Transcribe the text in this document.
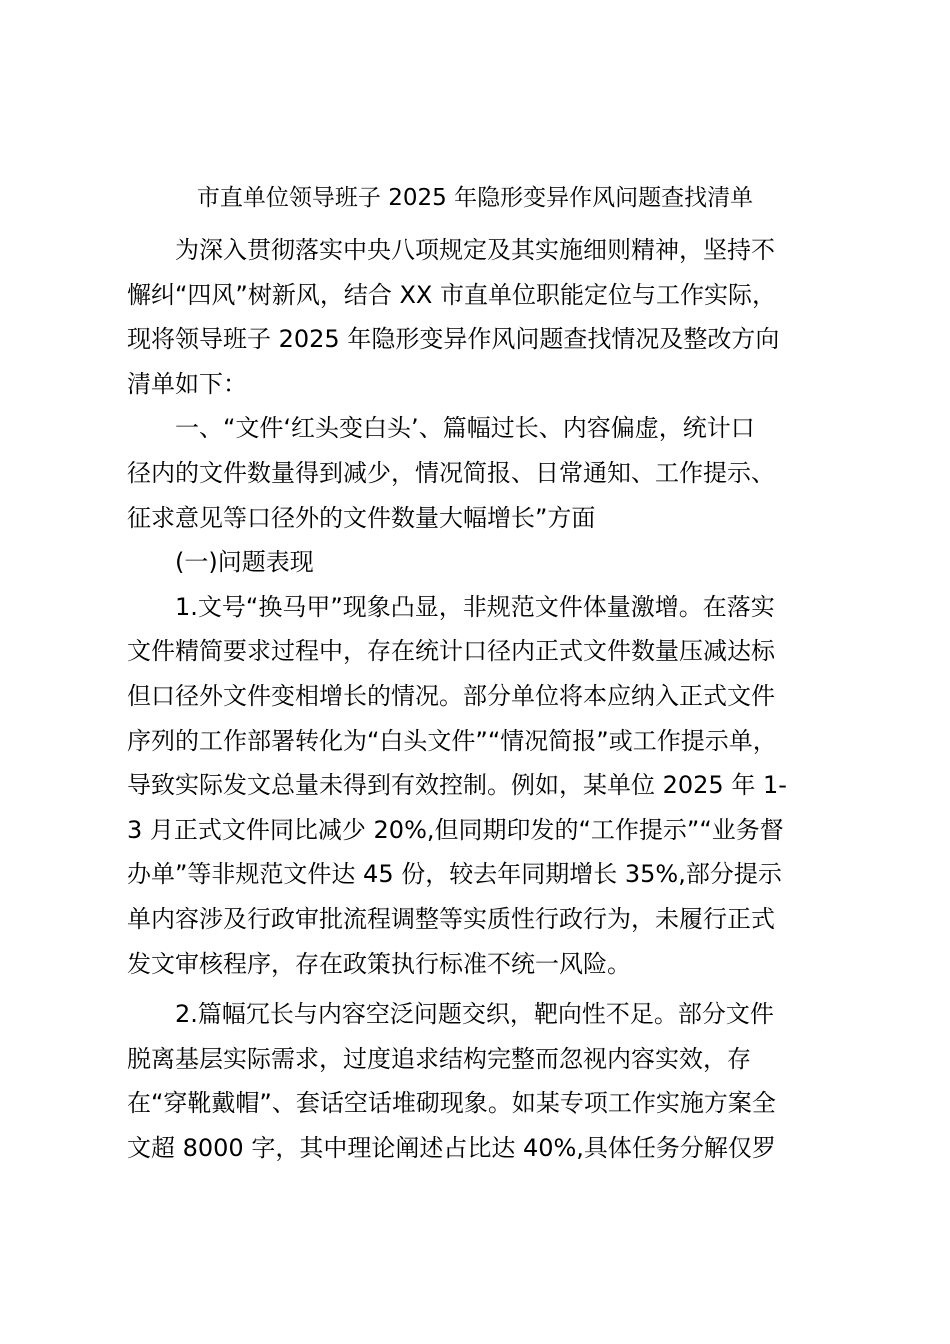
市直单位领导班子 2025 年隐形变异作风问题查找清单
为深入贯彻落实中央八项规定及其实施细则精神，坚持不
懈纠“四风”树新风，结合 XX 市直单位职能定位与工作实际，
现将领导班子 2025 年隐形变异作风问题查找情况及整改方向
清单如下：
一、“文件‘红头变白头’、篇幅过长、内容偏虚，统计口
径内的文件数量得到减少，情况简报、日常通知、工作提示、
征求意见等口径外的文件数量大幅增长”方面
(一)问题表现
1.文号“换马甲”现象凸显，非规范文件体量激增。在落实
文件精简要求过程中，存在统计口径内正式文件数量压减达标
但口径外文件变相增长的情况。部分单位将本应纳入正式文件
序列的工作部署转化为“白头文件”“情况简报”或工作提示单，
导致实际发文总量未得到有效控制。例如，某单位 2025 年 1-
3 月正式文件同比减少 20%,但同期印发的“工作提示”“业务督
办单”等非规范文件达 45 份，较去年同期增长 35%,部分提示
单内容涉及行政审批流程调整等实质性行政行为，未履行正式
发文审核程序，存在政策执行标准不统一风险。
2.篇幅冗长与内容空泛问题交织，靶向性不足。部分文件
脱离基层实际需求，过度追求结构完整而忽视内容实效，存
在“穿靴戴帽”、套话空话堆砌现象。如某专项工作实施方案全
文超 8000 字，其中理论阐述占比达 40%,具体任务分解仅罗
